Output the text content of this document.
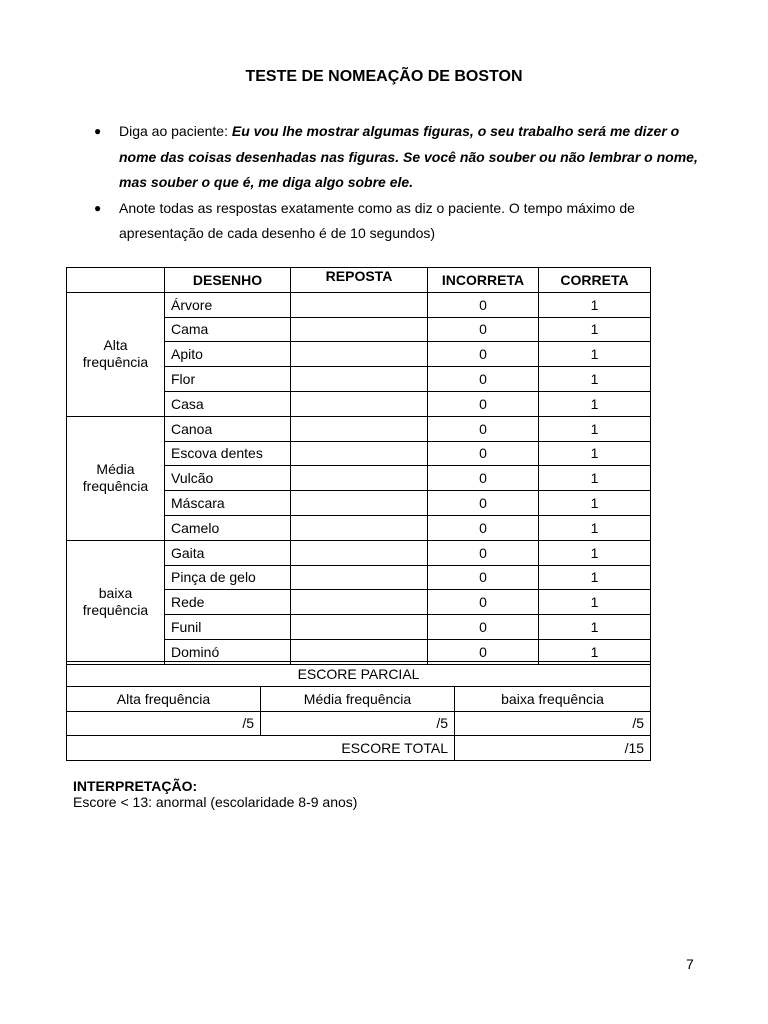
TESTE DE NOMEAÇÃO DE BOSTON
● Diga ao paciente: Eu vou lhe mostrar algumas figuras, o seu trabalho será me dizer o nome das coisas desenhadas nas figuras. Se você não souber ou não lembrar o nome, mas souber o que é, me diga algo sobre ele.
● Anote todas as respostas exatamente como as diz o paciente. O tempo máximo de apresentação de cada desenho é de 10 segundos)
	DESENHO	REPOSTA	INCORRETA	CORRETA
Alta frequência	Árvore		0	1
	Cama		0	1
	Apito		0	1
	Flor		0	1
	Casa		0	1
Média frequência	Canoa		0	1
	Escova dentes		0	1
	Vulcão		0	1
	Máscara		0	1
	Camelo		0	1
baixa frequência	Gaita		0	1
	Pinça de gelo		0	1
	Rede		0	1
	Funil		0	1
	Dominó		0	1
ESCORE PARCIAL		
Alta frequência	Média frequência	baixa frequência
/5	/5	/5
ESCORE TOTAL		/15
INTERPRETAÇÃO:
Escore < 13: anormal (escolaridade 8-9 anos)
7
